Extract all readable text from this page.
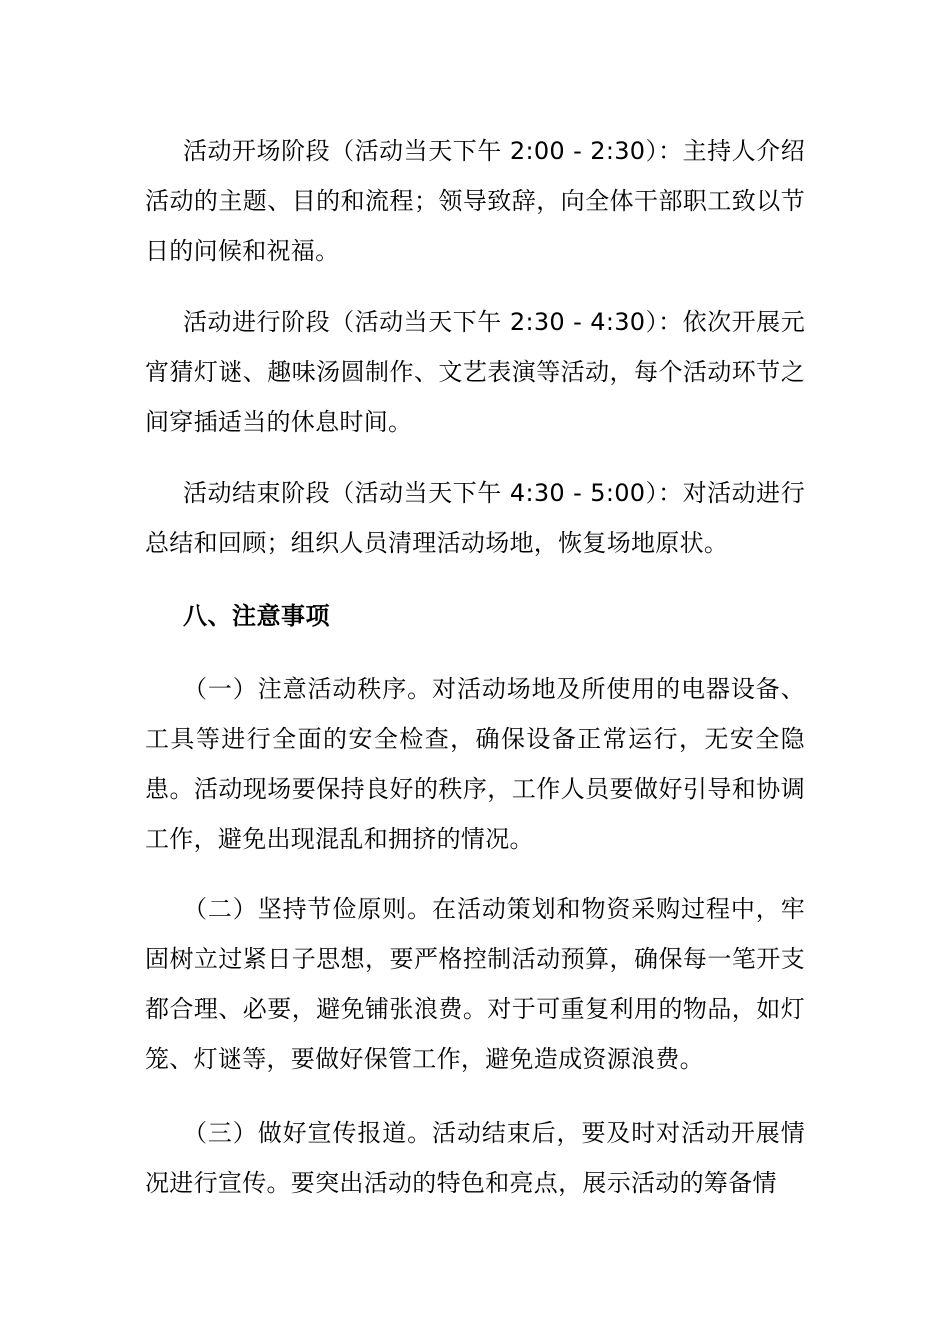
活动开场阶段（活动当天下午 2:00 - 2:30）：主持人介绍活动的主题、目的和流程；领导致辞，向全体干部职工致以节日的问候和祝福。

活动进行阶段（活动当天下午 2:30 - 4:30）：依次开展元宵猜灯谜、趣味汤圆制作、文艺表演等活动，每个活动环节之间穿插适当的休息时间。

活动结束阶段（活动当天下午 4:30 - 5:00）：对活动进行总结和回顾；组织人员清理活动场地，恢复场地原状。

八、注意事项

（一）注意活动秩序。对活动场地及所使用的电器设备、工具等进行全面的安全检查，确保设备正常运行，无安全隐患。活动现场要保持良好的秩序，工作人员要做好引导和协调工作，避免出现混乱和拥挤的情况。

（二）坚持节俭原则。在活动策划和物资采购过程中，牢固树立过紧日子思想，要严格控制活动预算，确保每一笔开支都合理、必要，避免铺张浪费。对于可重复利用的物品，如灯笼、灯谜等，要做好保管工作，避免造成资源浪费。

（三）做好宣传报道。活动结束后，要及时对活动开展情况进行宣传。要突出活动的特色和亮点，展示活动的筹备情
